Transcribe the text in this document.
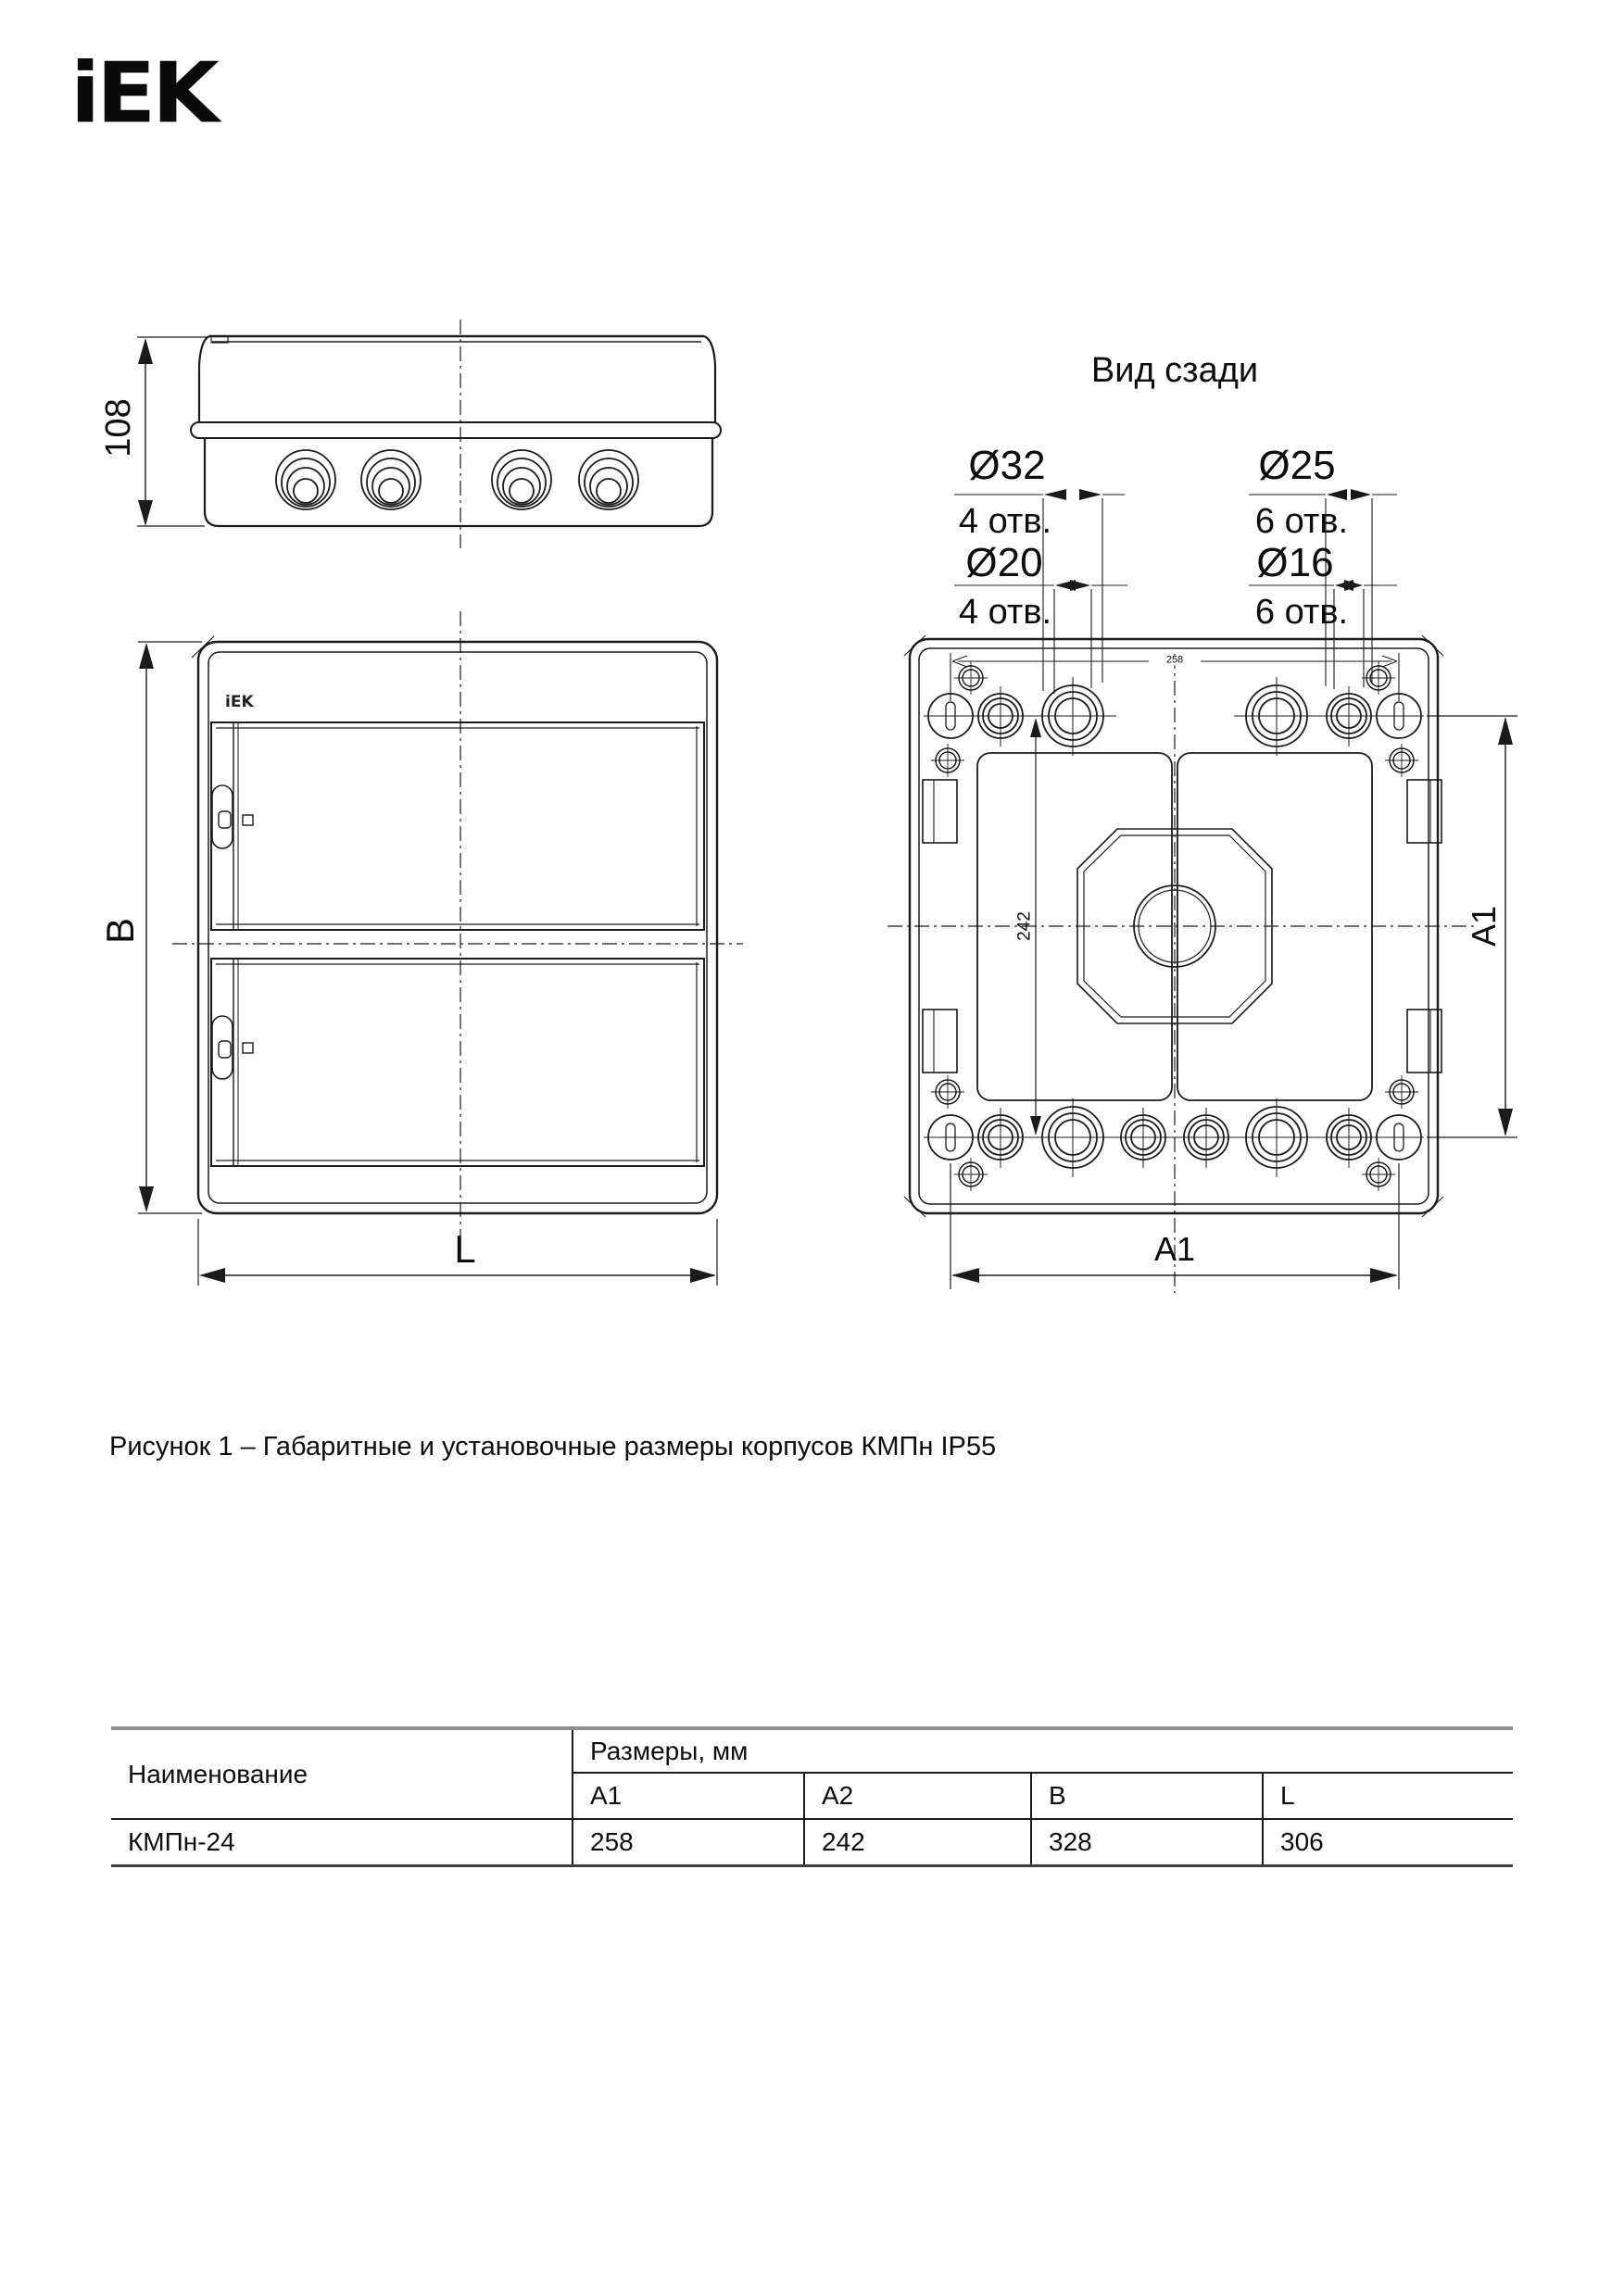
iEK
iEK
Вид сзади
108
B
L
Ø32
4 отв.
Ø20
4 отв.
Ø25
6 отв.
Ø16
6 отв.
258
242
A1
A1
Рисунок 1 – Габаритные и установочные размеры корпусов КМПн IP55
Наименование	Размеры, мм			
	A1	A2	B	L
КМПн-24	258	242	328	306
